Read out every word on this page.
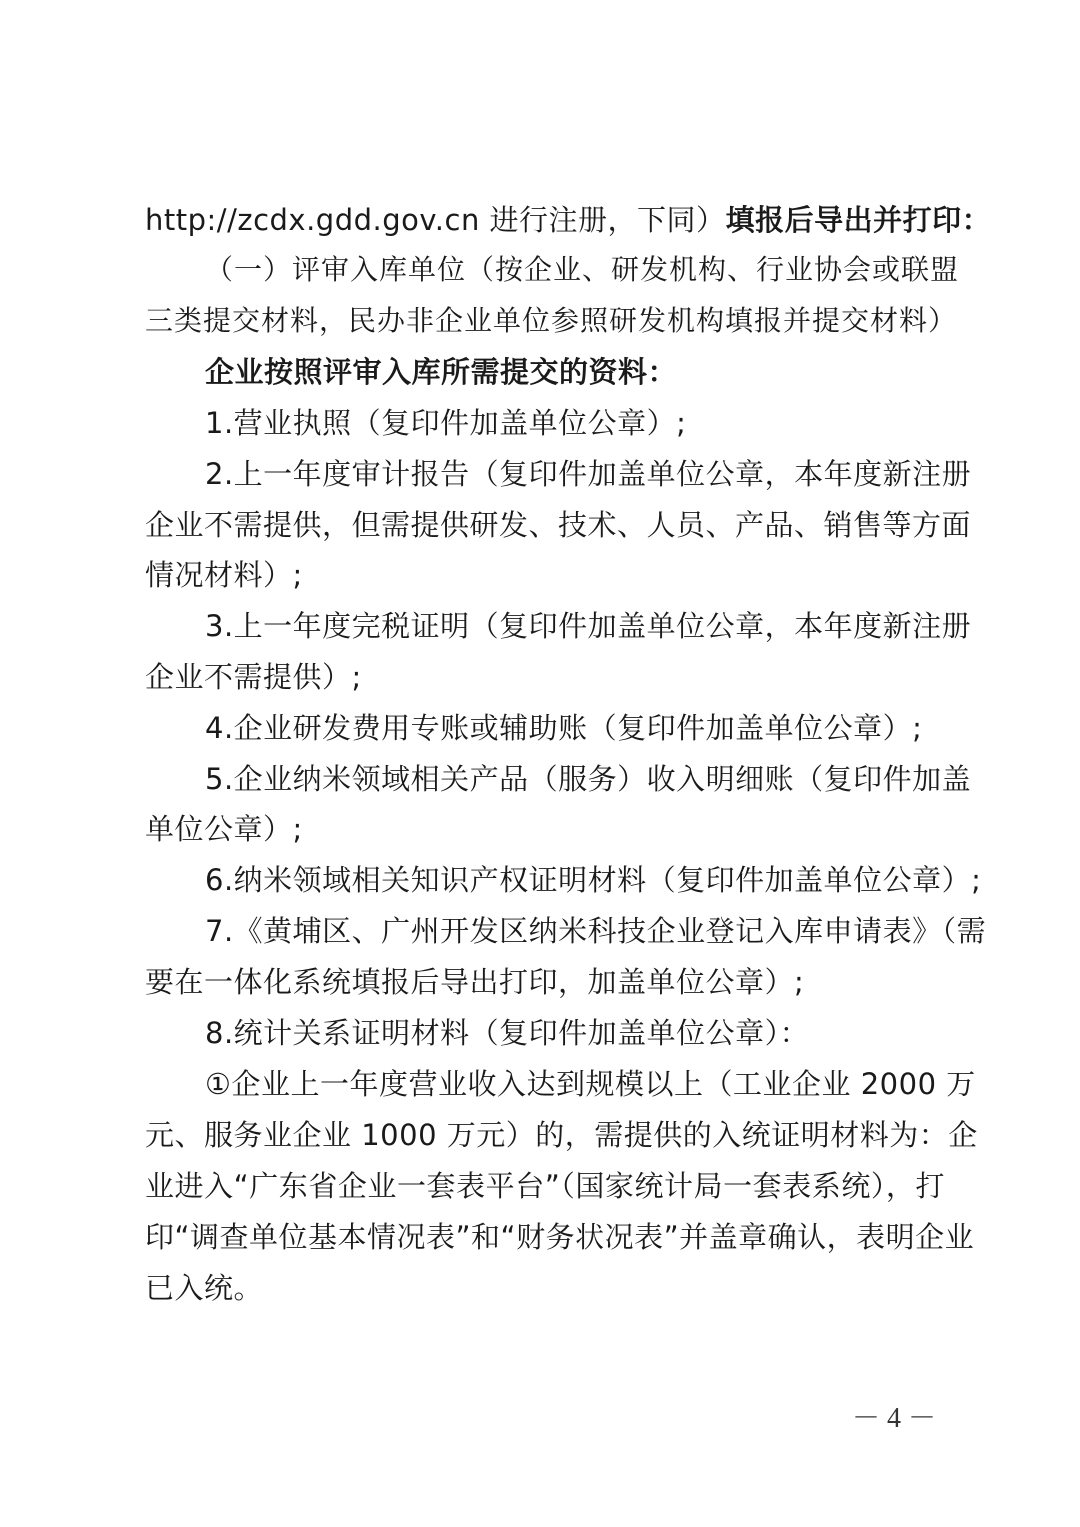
http://zcdx.gdd.gov.cn 进行注册，下同）填报后导出并打印：
（一）评审入库单位（按企业、研发机构、行业协会或联盟
三类提交材料，民办非企业单位参照研发机构填报并提交材料）
企业按照评审入库所需提交的资料：
1.营业执照（复印件加盖单位公章）;
2.上一年度审计报告（复印件加盖单位公章，本年度新注册
企业不需提供，但需提供研发、技术、人员、产品、销售等方面
情况材料）;
3.上一年度完税证明（复印件加盖单位公章，本年度新注册
企业不需提供）;
4.企业研发费用专账或辅助账（复印件加盖单位公章）;
5.企业纳米领域相关产品（服务）收入明细账（复印件加盖
单位公章）;
6.纳米领域相关知识产权证明材料（复印件加盖单位公章）;
7.《黄埔区、广州开发区纳米科技企业登记入库申请表》（需
要在一体化系统填报后导出打印，加盖单位公章）;
8.统计关系证明材料（复印件加盖单位公章）：
①企业上一年度营业收入达到规模以上（工业企业 2000 万
元、服务业企业 1000 万元）的，需提供的入统证明材料为：企
业进入“广东省企业一套表平台”（国家统计局一套表系统），打
印“调查单位基本情况表”和“财务状况表”并盖章确认，表明企业
已入统。
－ 4 －
